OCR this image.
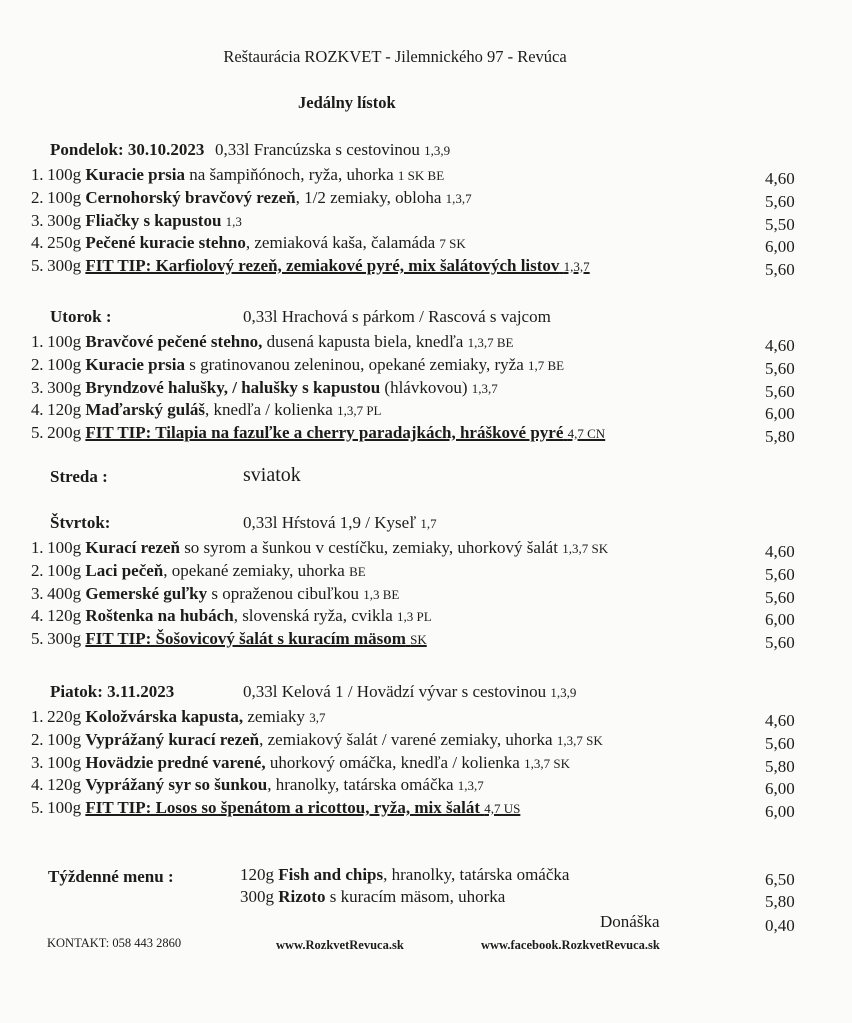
Reštaurácia ROZKVET - Jilemnického 97 - Revúca
Jedálny lístok
Pondelok: 30.10.2023 0,33l Francúzska s cestovinou 1,3,9
1. 100g Kuracie prsia na šampiňónoch, ryža, uhorka 1 SK BE	4,60
2. 100g Cernohorský bravčový rezeň, 1/2 zemiaky, obloha 1,3,7	5,60
3. 300g Fliačky s kapustou 1,3	5,50
4. 250g Pečené kuracie stehno, zemiaková kaša, čalamáda 7 SK	6,00
5. 300g FIT TIP: Karfiolový rezeň, zemiakové pyré, mix šalátových listov 1,3,7	5,60
Utorok :	0,33l Hrachová s párkom / Rascová s vajcom
1. 100g Bravčové pečené stehno, dusená kapusta biela, knedľa 1,3,7 BE	4,60
2. 100g Kuracie prsia s gratinovanou zeleninou, opekané zemiaky, ryža 1,7 BE	5,60
3. 300g Bryndzové halušky, / halušky s kapustou (hlávkovou) 1,3,7	5,60
4. 120g Maďarský guláš, knedľa / kolienka 1,3,7 PL	6,00
5. 200g FIT TIP: Tilapia na fazuľke a cherry paradajkách, hráškové pyré 4,7 CN	5,80
Streda :	sviatok
Štvrtok:	0,33l Hŕstová 1,9 / Kyseľ 1,7
1. 100g Kurací rezeň so syrom a šunkou v cestíčku, zemiaky, uhorkový šalát 1,3,7 SK	4,60
2. 100g Laci pečeň, opekané zemiaky, uhorka BE	5,60
3. 400g Gemerské guľky s opraženou cibuľkou 1,3 BE	5,60
4. 120g Roštenka na hubách, slovenská ryža, cvikla 1,3 PL	6,00
5. 300g FIT TIP: Šošovicový šalát s kuracím mäsom SK	5,60
Piatok: 3.11.2023	0,33l Kelová 1 / Hovädzí vývar s cestovinou 1,3,9
1. 220g Koložvárska kapusta, zemiaky 3,7	4,60
2. 100g Vyprážaný kurací rezeň, zemiakový šalát / varené zemiaky, uhorka 1,3,7 SK	5,60
3. 100g Hovädzie predné varené, uhorkový omáčka, knedľa / kolienka 1,3,7 SK	5,80
4. 120g Vyprážaný syr so šunkou, hranolky, tatárska omáčka 1,3,7	6,00
5. 100g FIT TIP: Losos so špenátom a ricottou, ryža, mix šalát 4,7 US	6,00
Týždenné menu :	120g Fish and chips, hranolky, tatárska omáčka	6,50
300g Rizoto s kuracím mäsom, uhorka	5,80
Donáška	0,40
KONTAKT: 058 443 2860	www.RozkvetRevuca.sk	www.facebook.RozkvetRevuca.sk
